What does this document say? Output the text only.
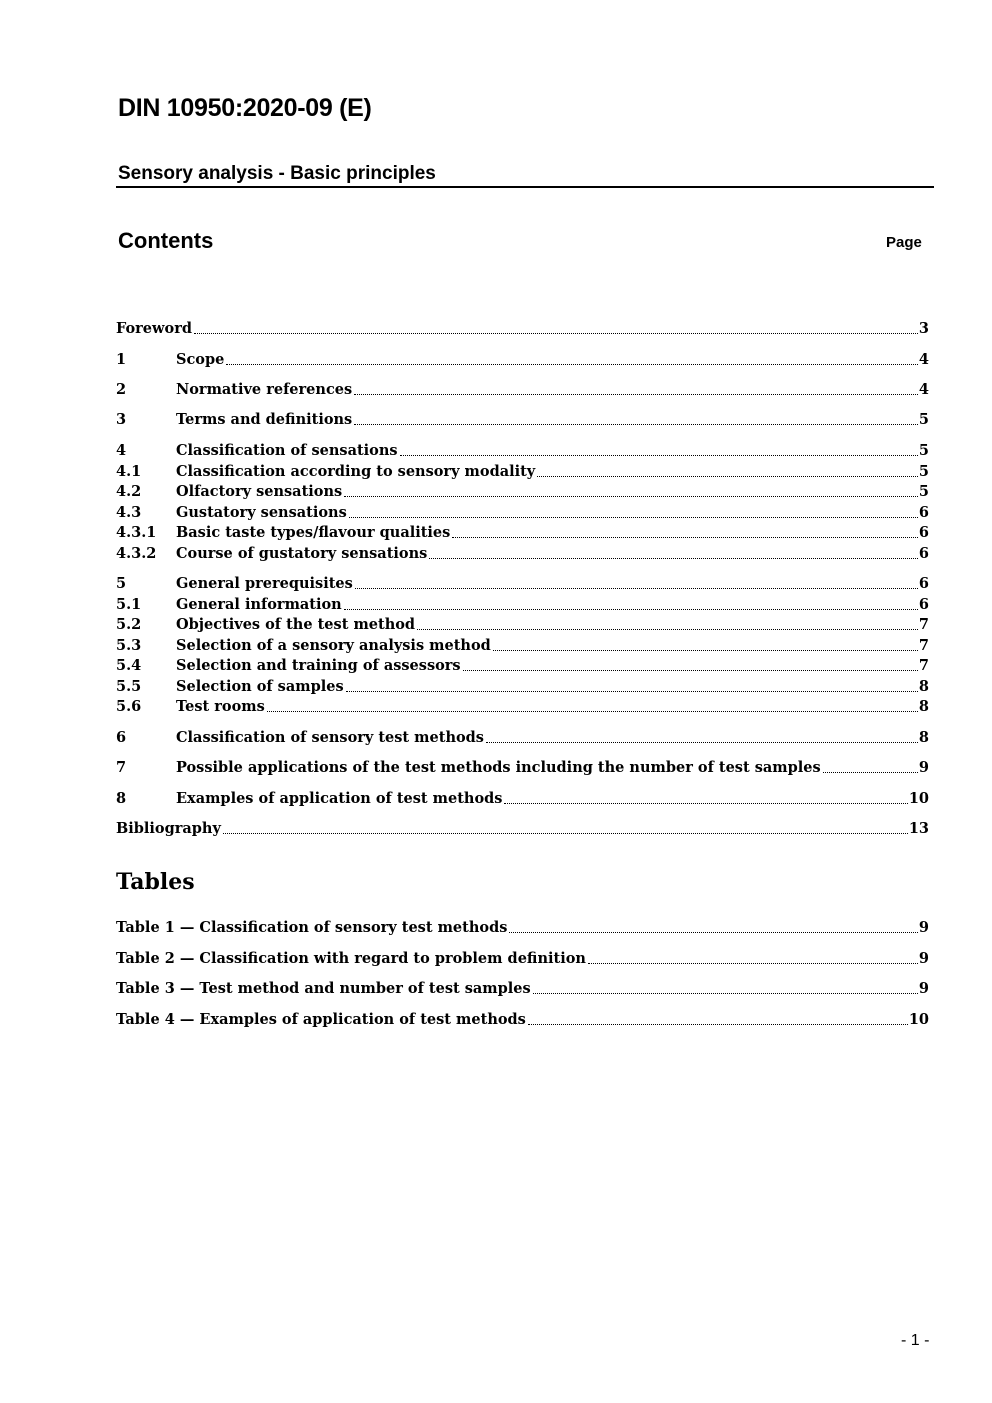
DIN 10950:2020-09 (E)
Sensory analysis - Basic principles
Contents	Page
Foreword	3
1	Scope	4
2	Normative references	4
3	Terms and definitions	5
4	Classification of sensations	5
4.1	Classification according to sensory modality	5
4.2	Olfactory sensations	5
4.3	Gustatory sensations	6
4.3.1	Basic taste types/flavour qualities	6
4.3.2	Course of gustatory sensations	6
5	General prerequisites	6
5.1	General information	6
5.2	Objectives of the test method	7
5.3	Selection of a sensory analysis method	7
5.4	Selection and training of assessors	7
5.5	Selection of samples	8
5.6	Test rooms	8
6	Classification of sensory test methods	8
7	Possible applications of the test methods including the number of test samples	9
8	Examples of application of test methods	10
Bibliography	13
Table 1 — Classification of sensory test methods	9
Table 2 — Classification with regard to problem definition	9
Table 3 — Test method and number of test samples	9
Table 4 — Examples of application of test methods	10
Tables
- 1 -
